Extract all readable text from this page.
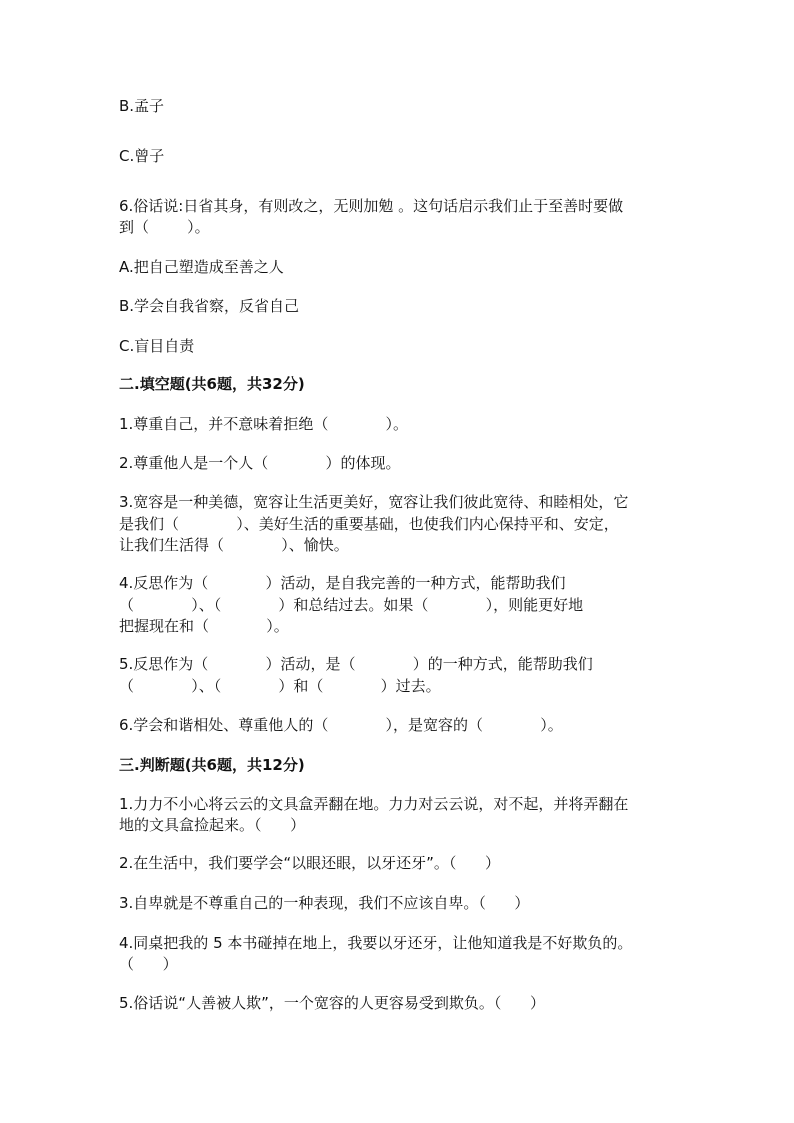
B.孟子

C.曾子

6.俗话说:日省其身，有则改之，无则加勉 。这句话启示我们止于至善时要做

到（        ）。

A.把自己塑造成至善之人

B.学会自我省察，反省自己

C.盲目自责

二.填空题(共6题，共32分)

1.尊重自己，并不意味着拒绝（            ）。

2.尊重他人是一个人（            ）的体现。

3.宽容是一种美德，宽容让生活更美好，宽容让我们彼此宽待、和睦相处，它

是我们（            ）、美好生活的重要基础，也使我们内心保持平和、安定，

让我们生活得（            ）、愉快。

4.反思作为（            ）活动，是自我完善的一种方式，能帮助我们

（            ）、（            ）和总结过去。如果（            ），则能更好地

把握现在和（            ）。

5.反思作为（            ）活动，是（            ）的一种方式，能帮助我们

（            ）、（            ）和（            ）过去。

6.学会和谐相处、尊重他人的（            ），是宽容的（            ）。

三.判断题(共6题，共12分)

1.力力不小心将云云的文具盒弄翻在地。力力对云云说，对不起，并将弄翻在

地的文具盒捡起来。（      ）

2.在生活中，我们要学会“以眼还眼，以牙还牙”。（      ）

3.自卑就是不尊重自己的一种表现，我们不应该自卑。（      ）

4.同桌把我的 5 本书碰掉在地上，我要以牙还牙，让他知道我是不好欺负的。

（      ）

5.俗话说“人善被人欺”，一个宽容的人更容易受到欺负。（      ）
